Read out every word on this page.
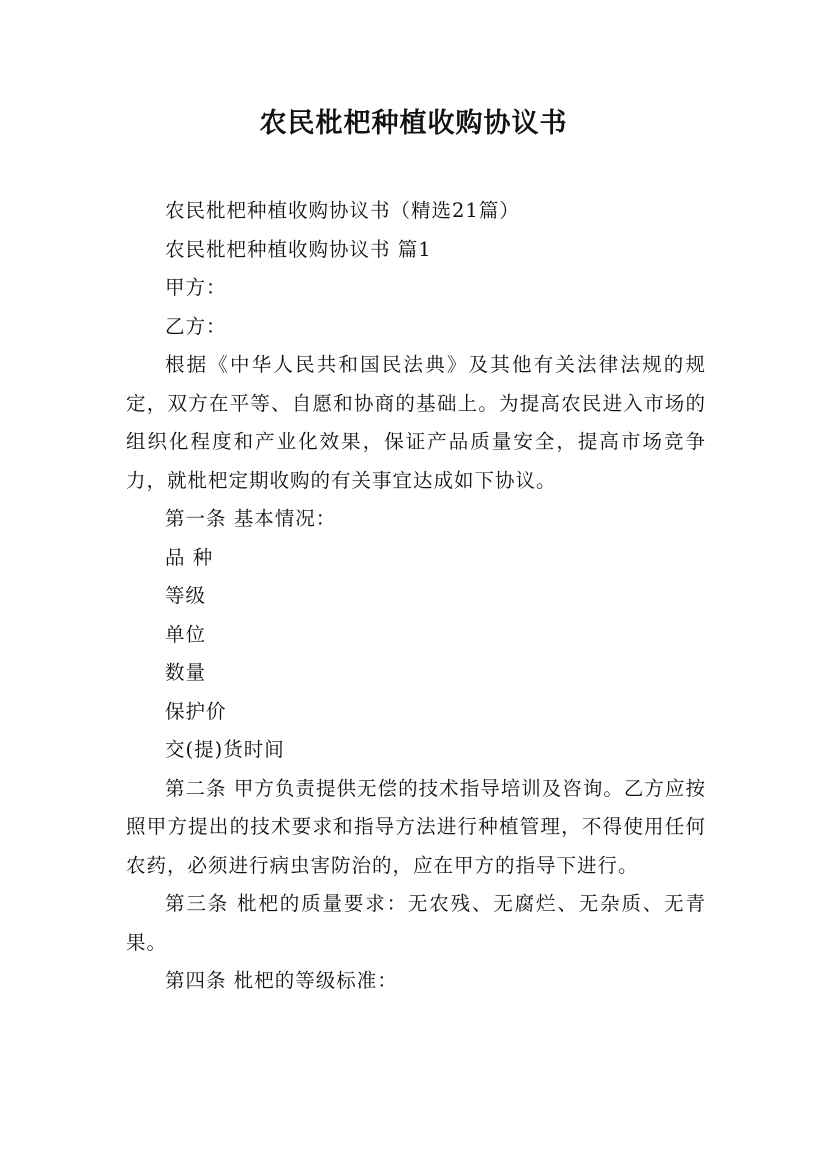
农民枇杷种植收购协议书

农民枇杷种植收购协议书（精选21篇）

农民枇杷种植收购协议书 篇1

甲方：

乙方：

根据《中华人民共和国民法典》及其他有关法律法规的规定，双方在平等、自愿和协商的基础上。为提高农民进入市场的组织化程度和产业化效果，保证产品质量安全，提高市场竞争力，就枇杷定期收购的有关事宜达成如下协议。

第一条 基本情况：

品 种

等级

单位

数量

保护价

交(提)货时间

第二条 甲方负责提供无偿的技术指导培训及咨询。乙方应按照甲方提出的技术要求和指导方法进行种植管理，不得使用任何农药，必须进行病虫害防治的，应在甲方的指导下进行。

第三条 枇杷的质量要求：无农残、无腐烂、无杂质、无青果。

第四条 枇杷的等级标准：
